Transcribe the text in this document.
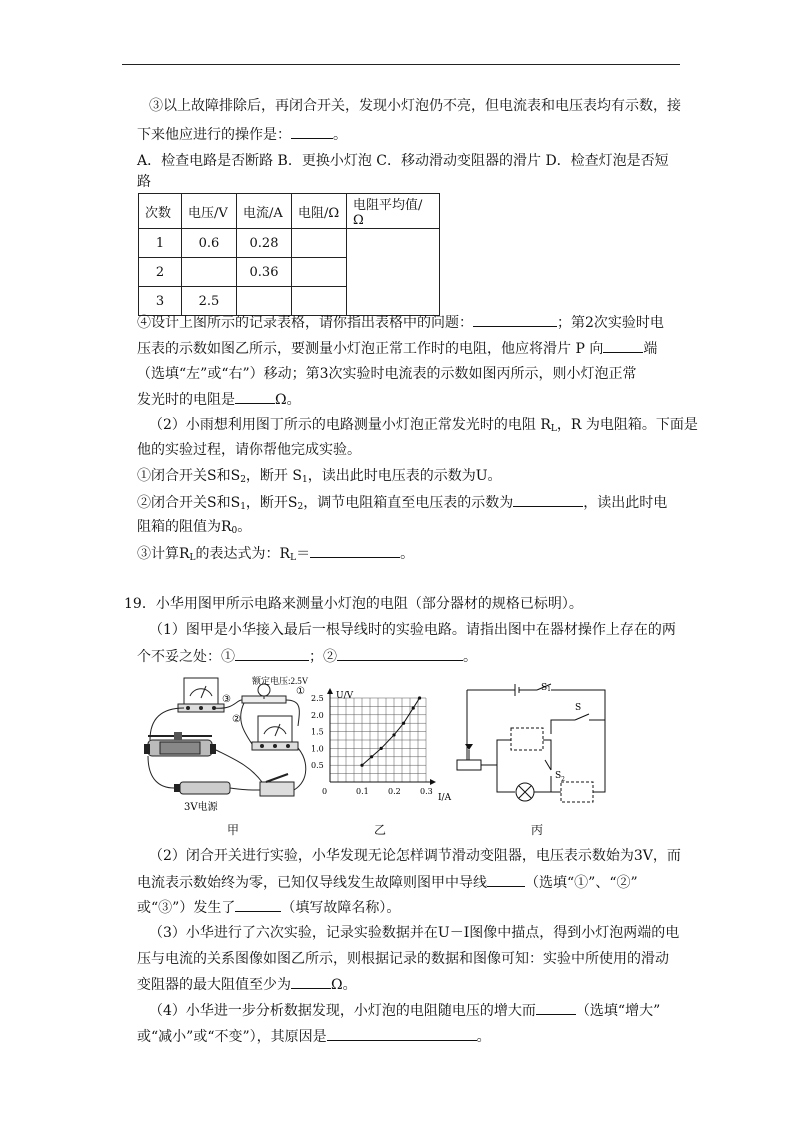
③以上故障排除后，再闭合开关，发现小灯泡仍不亮，但电流表和电压表均有示数，接
下来他应进行的操作是：	。
A．检查电路是否断路 B．更换小灯泡 C．移动滑动变阻器的滑片 D．检查灯泡是否短
路
次数	电压/V	电流/A	电阻/Ω	电阻平均值/Ω
1	0.6	0.28		
2		0.36		
3	2.5			
④设计上图所示的记录表格，请你指出表格中的问题：	；第2次实验时电
压表的示数如图乙所示，要测量小灯泡正常工作时的电阻，他应将滑片 P 向	端
（选填“左”或“右”）移动；第3次实验时电流表的示数如图丙所示，则小灯泡正常
发光时的电阻是	Ω。
（2）小雨想利用图丁所示的电路测量小灯泡正常发光时的电阻 $R_L$，R 为电阻箱。下面是
他的实验过程，请你帮他完成实验。
①闭合开关S和$S_2$，断开 $S_1$，读出此时电压表的示数为U。
②闭合开关S和$S_1$，断开$S_2$，调节电阻箱直至电压表的示数为	，读出此时电
阻箱的阻值为$R_0$。
③计算$R_L$的表达式为：$R_L=$	。
19．小华用图甲所示电路来测量小灯泡的电阻（部分器材的规格已标明）。
（1）图甲是小华接入最后一根导线时的实验电路。请指出图中在器材操作上存在的两
个不妥之处：①	；②	。
额定电压:2.5V
①
②
③
3V电源
甲
0.1 0.2 0.3
0.5
1.0
1.5
2.0
2.5 U/V
I/A
0
乙
$S_1$
S
$S_2$
丙
（2）闭合开关进行实验，小华发现无论怎样调节滑动变阻器，电压表示数始为3V，而
电流表示数始终为零，已知仅导线发生故障则图甲中导线	（选填“①”、“②”
或“③”）发生了	（填写故障名称）。
（3）小华进行了六次实验，记录实验数据并在U－I图像中描点，得到小灯泡两端的电
压与电流的关系图像如图乙所示，则根据记录的数据和图像可知：实验中所使用的滑动
变阻器的最大阻值至少为	Ω。
（4）小华进一步分析数据发现，小灯泡的电阻随电压的增大而	（选填“增大”
或“减小”或“不变”），其原因是	。
